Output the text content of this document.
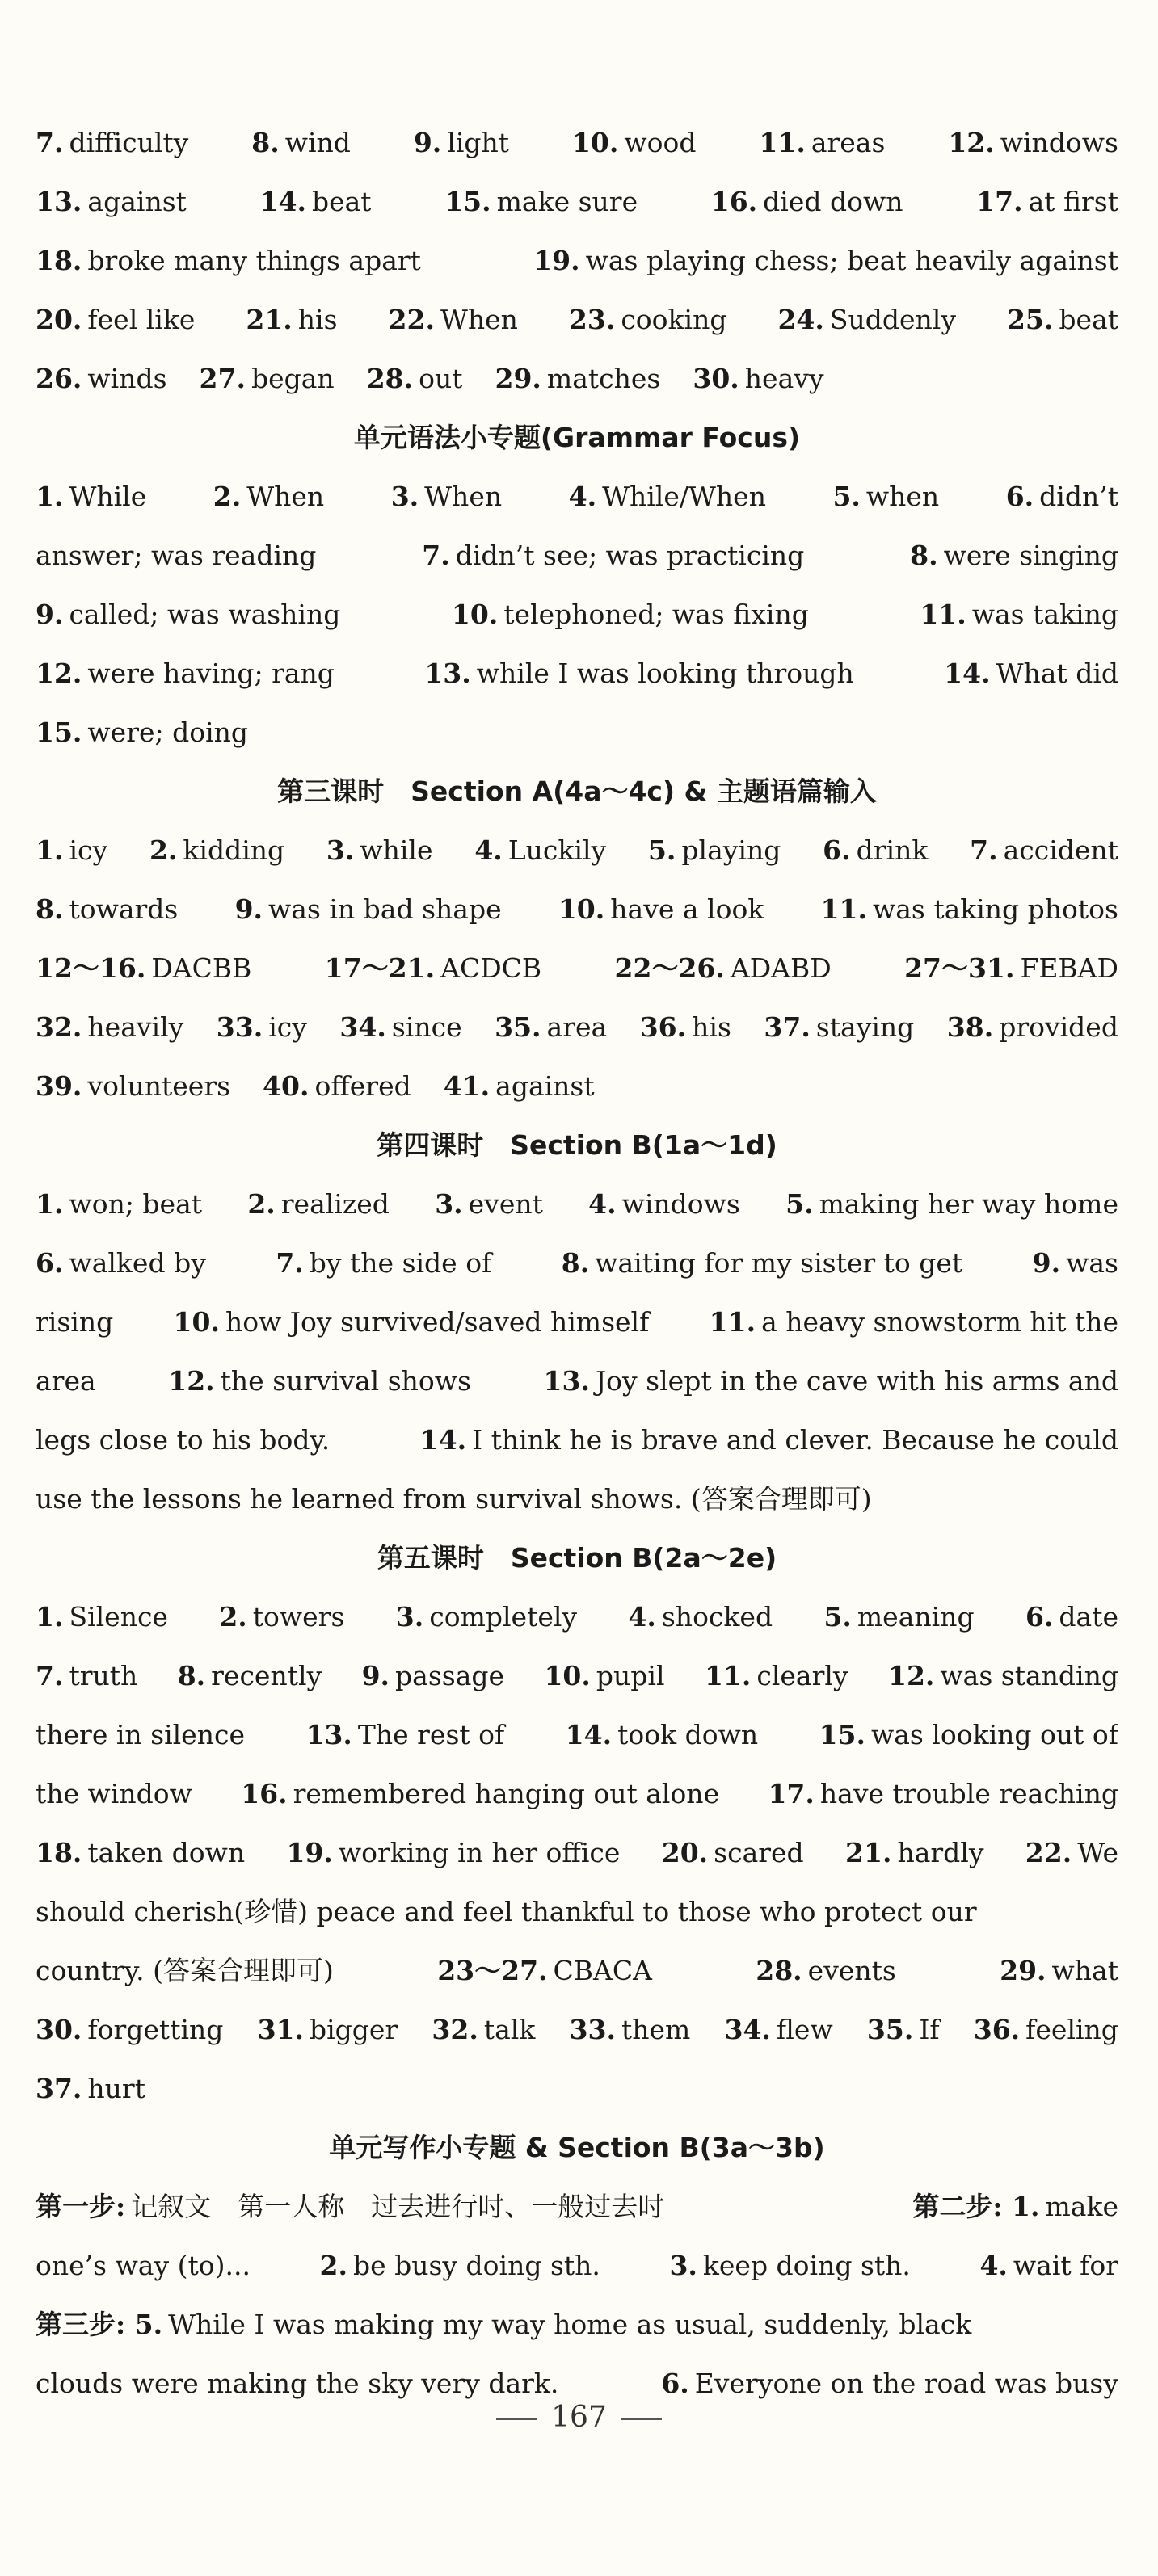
7. difficulty 8. wind 9. light 10. wood 11. areas 12. windows
13. against	14. beat	15. make sure	16. died down	17. at first
18. broke many things apart	19. was playing chess; beat heavily against
20. feel like 21. his 22. When 23. cooking 24. Suddenly 25. beat
26. winds 27. began 28. out 29. matches 30. heavy
单元语法小专题(Grammar Focus)
1. While	2. When	3. When	4. While/When	5. when	6. didn’t
answer; was reading	7. didn’t see; was practicing	8. were singing
9. called; was washing	10. telephoned; was fixing	11. was taking
12. were having; rang	13. while I was looking through	14. What did
15. were; doing
第三课时　Section A(4a～4c) & 主题语篇输入
1. icy 2. kidding 3. while 4. Luckily 5. playing 6. drink 7. accident
8. towards 9. was in bad shape 10. have a look 11. was taking photos
12～16. DACBB	17～21. ACDCB	22～26. ADABD	27～31. FEBAD
32. heavily 33. icy 34. since 35. area 36. his 37. staying 38. provided
39. volunteers 40. offered 41. against
第四课时　Section B(1a～1d)
1. won; beat 2. realized 3. event 4. windows 5. making her way home
6. walked by	7. by the side of	8. waiting for my sister to get	9. was
rising 10. how Joy survived/saved himself 11. a heavy snowstorm hit the
area	12. the survival shows	13. Joy slept in the cave with his arms and
legs close to his body.	14. I think he is brave and clever. Because he could
use the lessons he learned from survival shows. (答案合理即可)
第五课时　Section B(2a～2e)
1. Silence 2. towers 3. completely 4. shocked 5. meaning 6. date
7. truth 8. recently 9. passage 10. pupil 11. clearly 12. was standing
there in silence 13. The rest of 14. took down 15. was looking out of
the window 16. remembered hanging out alone 17. have trouble reaching
18. taken down 19. working in her office 20. scared 21. hardly 22. We
should cherish(珍惜) peace and feel thankful to those who protect our
country. (答案合理即可)	23～27. CBACA	28. events	29. what
30. forgetting 31. bigger 32. talk 33. them 34. flew 35. If 36. feeling
37. hurt
单元写作小专题 & Section B(3a～3b)
第一步: 记叙文　第一人称　过去进行时、一般过去时	第二步: 1. make
one’s way (to)...	2. be busy doing sth.	3. keep doing sth.	4. wait for
第三步: 5. While I was making my way home as usual, suddenly, black
clouds were making the sky very dark.	6. Everyone on the road was busy
167
